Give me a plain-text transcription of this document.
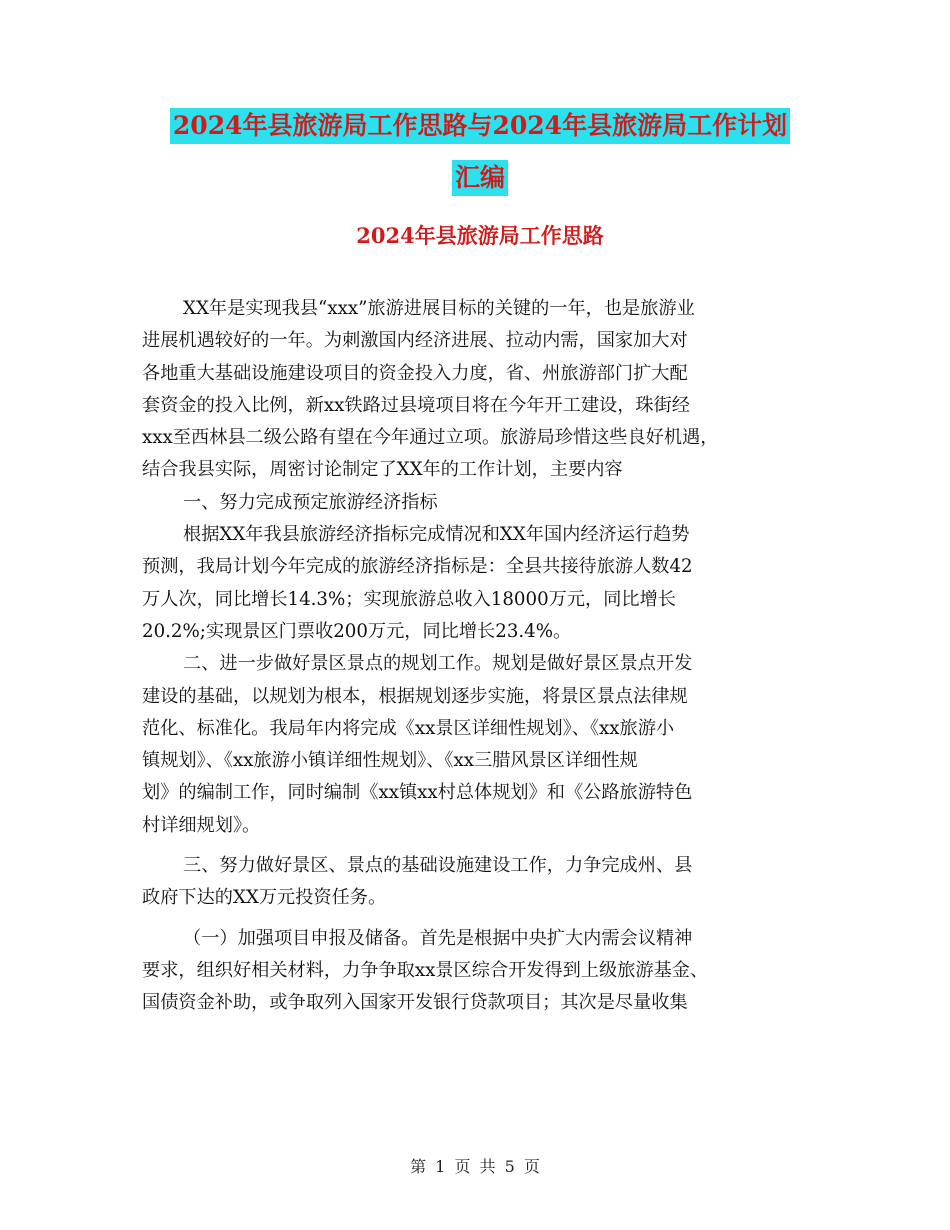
2024年县旅游局工作思路与2024年县旅游局工作计划
汇编
2024年县旅游局工作思路
XX年是实现我县“xxx”旅游进展目标的关键的一年，也是旅游业
进展机遇较好的一年。为刺激国内经济进展、拉动内需，国家加大对
各地重大基础设施建设项目的资金投入力度，省、州旅游部门扩大配
套资金的投入比例，新xx铁路过县境项目将在今年开工建设，珠街经
xxx至西林县二级公路有望在今年通过立项。旅游局珍惜这些良好机遇，
结合我县实际，周密讨论制定了XX年的工作计划，主要内容
一、努力完成预定旅游经济指标
根据XX年我县旅游经济指标完成情况和XX年国内经济运行趋势
预测，我局计划今年完成的旅游经济指标是：全县共接待旅游人数42
万人次，同比增长14.3%；实现旅游总收入18000万元，同比增长
20.2%;实现景区门票收200万元，同比增长23.4%。
二、进一步做好景区景点的规划工作。规划是做好景区景点开发
建设的基础，以规划为根本，根据规划逐步实施，将景区景点法律规
范化、标准化。我局年内将完成《xx景区详细性规划》、《xx旅游小
镇规划》、《xx旅游小镇详细性规划》、《xx三腊风景区详细性规
划》的编制工作，同时编制《xx镇xx村总体规划》和《公路旅游特色
村详细规划》。
三、努力做好景区、景点的基础设施建设工作，力争完成州、县
政府下达的XX万元投资任务。
（一）加强项目申报及储备。首先是根据中央扩大内需会议精神
要求，组织好相关材料，力争争取xx景区综合开发得到上级旅游基金、
国债资金补助，或争取列入国家开发银行贷款项目；其次是尽量收集
第 1 页 共 5 页
